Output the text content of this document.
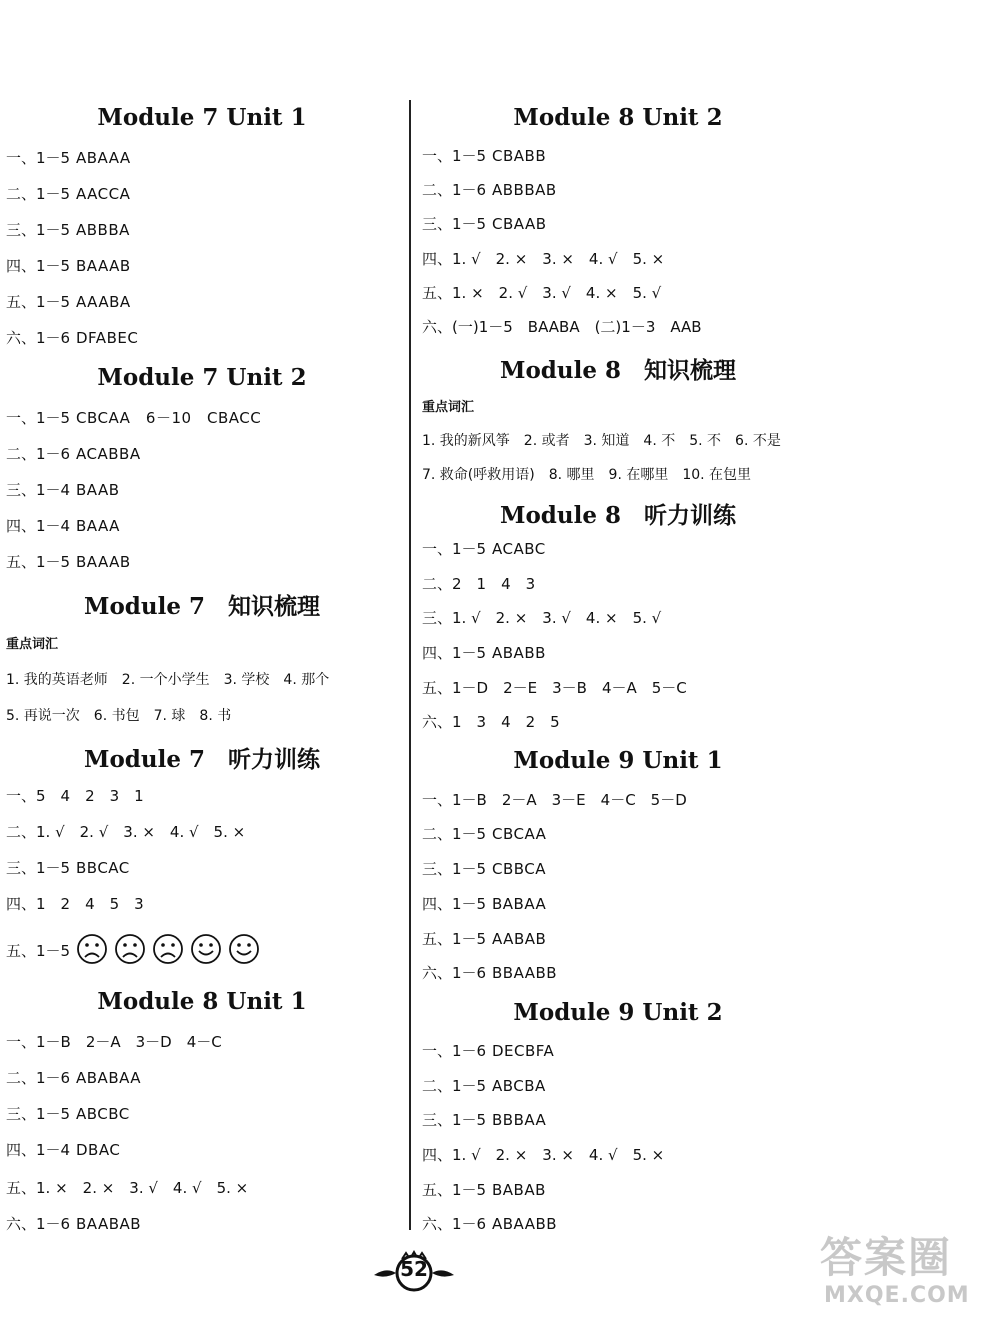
Module 7 Unit 1
一、1－5 ABAAA
二、1－5 AACCA
三、1－5 ABBBA
四、1－5 BAAAB
五、1－5 AAABA
六、1－6 DFABEC
Module 7 Unit 2
一、1－5 CBCAA　6－10　CBACC
二、1－6 ACABBA
三、1－4 BAAB
四、1－4 BAAA
五、1－5 BAAAB
Module 7　知识梳理
重点词汇
1. 我的英语老师　2. 一个小学生　3. 学校　4. 那个
5. 再说一次　6. 书包　7. 球　8. 书
Module 7　听力训练
一、5　4　2　3　1
二、1. √　2. √　3. ×　4. √　5. ×
三、1－5 BBCAC
四、1　2　4　5　3
五、1－5
Module 8 Unit 1
一、1－B　2－A　3－D　4－C
二、1－6 ABABAA
三、1－5 ABCBC
四、1－4 DBAC
五、1. ×　2. ×　3. √　4. √　5. ×
六、1－6 BAABAB
Module 8 Unit 2
一、1－5 CBABB
二、1－6 ABBBAB
三、1－5 CBAAB
四、1. √　2. ×　3. ×　4. √　5. ×
五、1. ×　2. √　3. √　4. ×　5. √
六、(一)1－5　BAABA　(二)1－3　AAB
Module 8　知识梳理
重点词汇
1. 我的新风筝　2. 或者　3. 知道　4. 不　5. 不　6. 不是
7. 救命(呼救用语)　8. 哪里　9. 在哪里　10. 在包里
Module 8　听力训练
一、1－5 ACABC
二、2　1　4　3
三、1. √　2. ×　3. √　4. ×　5. √
四、1－5 ABABB
五、1－D　2－E　3－B　4－A　5－C
六、1　3　4　2　5
Module 9 Unit 1
一、1－B　2－A　3－E　4－C　5－D
二、1－5 CBCAA
三、1－5 CBBCA
四、1－5 BABAA
五、1－5 AABAB
六、1－6 BBAABB
Module 9 Unit 2
一、1－6 DECBFA
二、1－5 ABCBA
三、1－5 BBBAA
四、1. √　2. ×　3. ×　4. √　5. ×
五、1－5 BABAB
六、1－6 ABAABB
52	答案圈
MXQE.COM
